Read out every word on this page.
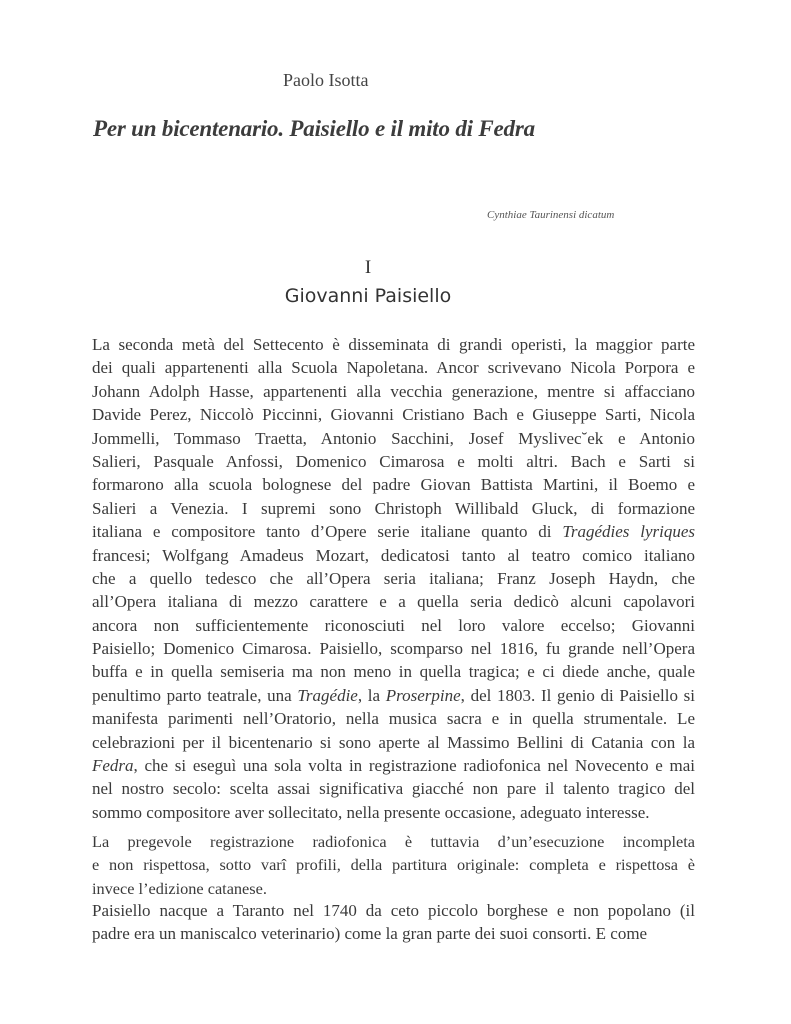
Paolo Isotta
Per un bicentenario. Paisiello e il mito di Fedra
Cynthiae Taurinensi dicatum
I
Giovanni Paisiello
La seconda metà del Settecento è disseminata di grandi operisti, la maggior parte
dei quali appartenenti alla Scuola Napoletana. Ancor scrivevano Nicola Porpora e
Johann Adolph Hasse, appartenenti alla vecchia generazione, mentre si affacciano
Davide Perez, Niccolò Piccinni, Giovanni Cristiano Bach e Giuseppe Sarti, Nicola
Jommelli, Tommaso Traetta, Antonio Sacchini, Josef Myslivec˘ek e Antonio
Salieri, Pasquale Anfossi, Domenico Cimarosa e molti altri. Bach e Sarti si
formarono alla scuola bolognese del padre Giovan Battista Martini, il Boemo e
Salieri a Venezia. I supremi sono Christoph Willibald Gluck, di formazione
italiana e compositore tanto d’Opere serie italiane quanto di Tragédies lyriques
francesi; Wolfgang Amadeus Mozart, dedicatosi tanto al teatro comico italiano
che a quello tedesco che all’Opera seria italiana; Franz Joseph Haydn, che
all’Opera italiana di mezzo carattere e a quella seria dedicò alcuni capolavori
ancora non sufficientemente riconosciuti nel loro valore eccelso; Giovanni
Paisiello; Domenico Cimarosa. Paisiello, scomparso nel 1816, fu grande nell’Opera
buffa e in quella semiseria ma non meno in quella tragica; e ci diede anche, quale
penultimo parto teatrale, una Tragédie, la Proserpine, del 1803. Il genio di Paisiello si
manifesta parimenti nell’Oratorio, nella musica sacra e in quella strumentale. Le
celebrazioni per il bicentenario si sono aperte al Massimo Bellini di Catania con la
Fedra, che si eseguì una sola volta in registrazione radiofonica nel Novecento e mai
nel nostro secolo: scelta assai significativa giacché non pare il talento tragico del
sommo compositore aver sollecitato, nella presente occasione, adeguato interesse.
La pregevole registrazione radiofonica è tuttavia d’un’esecuzione incompleta
e non rispettosa, sotto varî profili, della partitura originale: completa e rispettosa è
invece l’edizione catanese.
Paisiello nacque a Taranto nel 1740 da ceto piccolo borghese e non popolano (il
padre era un maniscalco veterinario) come la gran parte dei suoi consorti. E come
